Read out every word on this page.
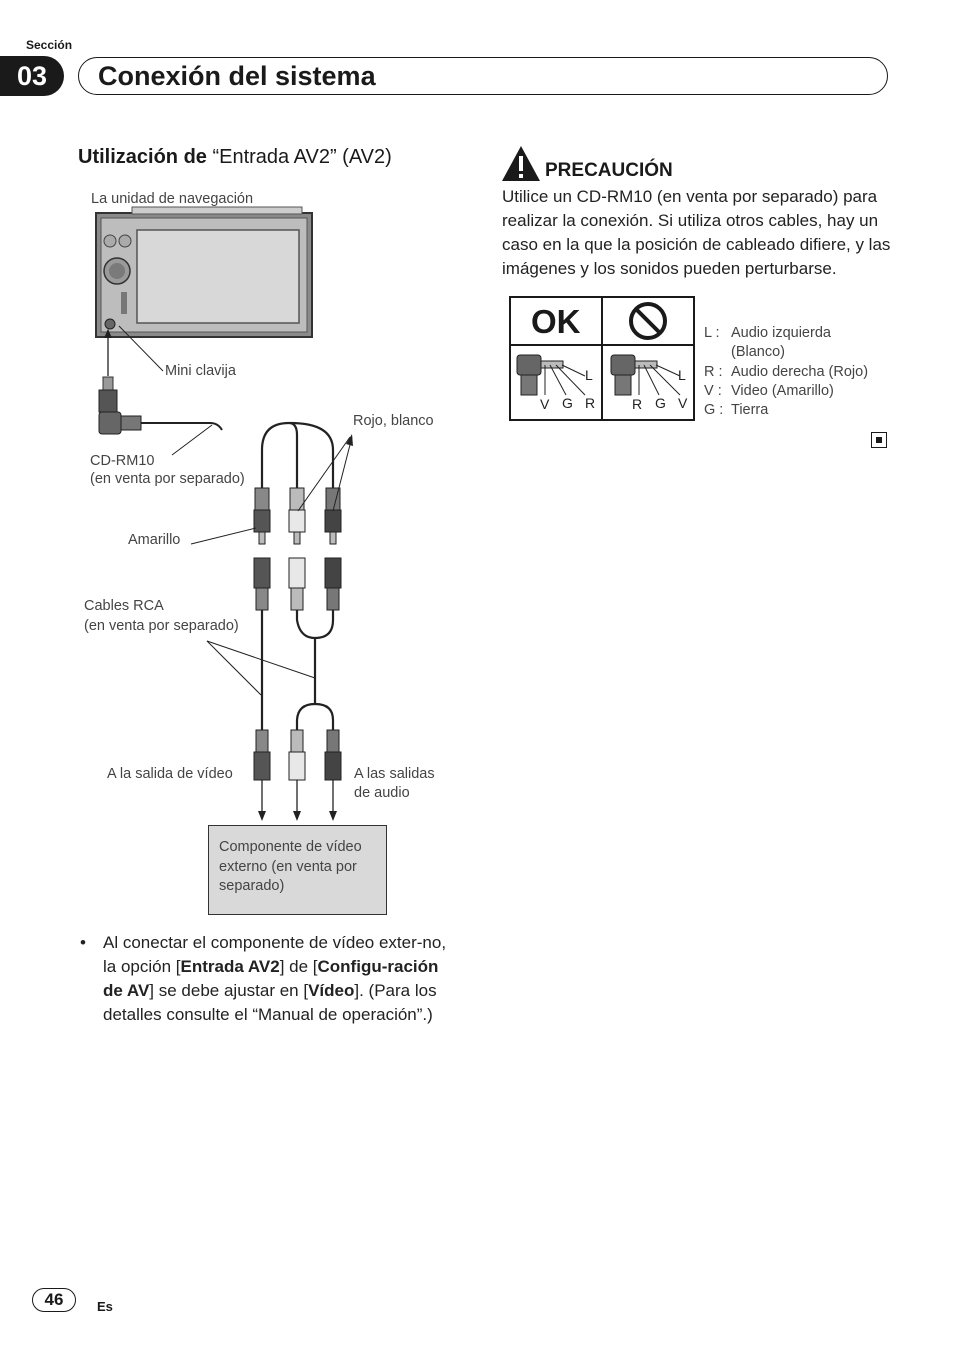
Sección
03	Conexión del sistema
Utilización de “Entrada AV2” (AV2)
La unidad de navegación
Mini clavija
Rojo, blanco
CD-RM10
(en venta por separado)
Amarillo
Cables RCA
(en venta por separado)
A la salida de vídeo	A las salidas
de audio
Componente de vídeo externo (en venta por separado)
• Al conectar el componente de vídeo exter-no, la opción [Entrada AV2] de [Configu-ración de AV] se debe ajustar en [Vídeo]. (Para los detalles consulte el “Manual de operación”.)
PRECAUCIÓN
Utilice un CD-RM10 (en venta por separado) para realizar la conexión. Si utiliza otros cables, hay un caso en la que la posición de cableado difiere, y las imágenes y los sonidos pueden perturbarse.
OK
L
V G R
L
R G V
L :	Audio izquierda (Blanco)
R :	Audio derecha (Rojo)
V :	Video (Amarillo)
G :	Tierra
46	Es
